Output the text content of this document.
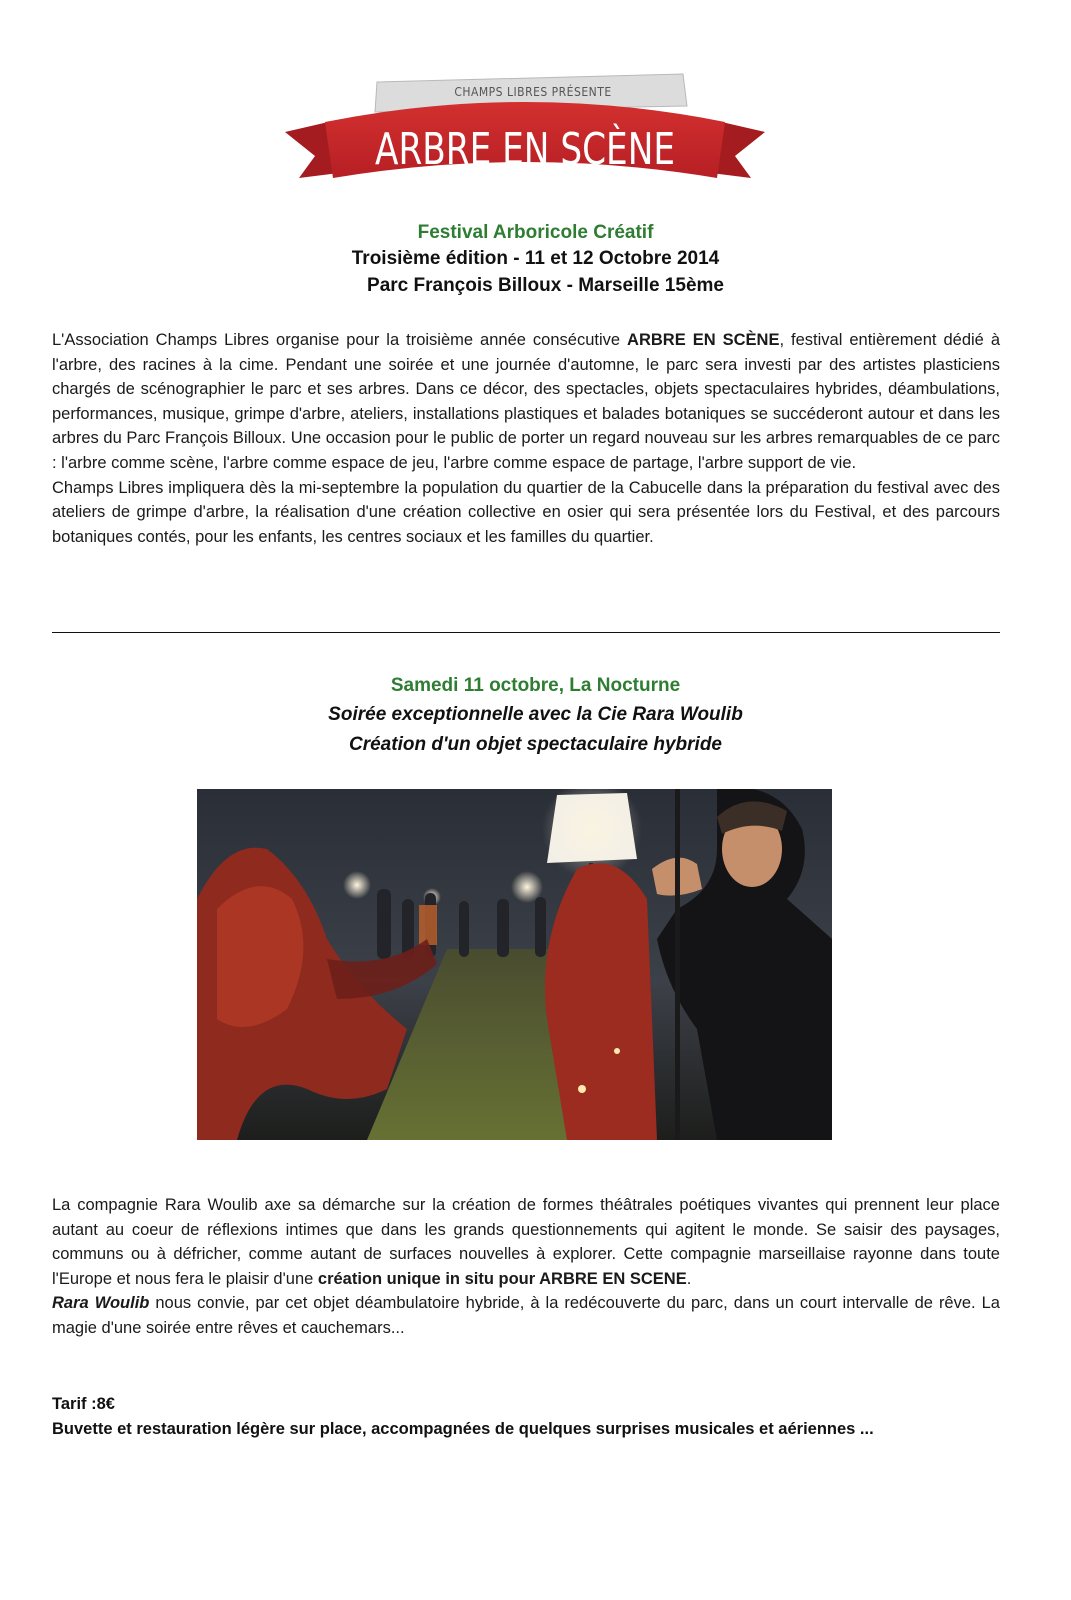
CHAMPS LIBRES PRÉSENTE
ARBRE EN SCÈNE
Festival Arboricole Créatif
Troisième édition - 11 et 12 Octobre 2014
Parc François Billoux - Marseille 15ème

L'Association Champs Libres organise pour la troisième année consécutive ARBRE EN SCÈNE, festival entièrement dédié à l'arbre, des racines à la cime. Pendant une soirée et une journée d'automne, le parc sera investi par des artistes plasticiens chargés de scénographier le parc et ses arbres. Dans ce décor, des spectacles, objets spectaculaires hybrides, déambulations, performances, musique, grimpe d'arbre, ateliers, installations plastiques et balades botaniques se succéderont autour et dans les arbres du Parc François Billoux. Une occasion pour le public de porter un regard nouveau sur les arbres remarquables de ce parc : l'arbre comme scène, l'arbre comme espace de jeu, l'arbre comme espace de partage, l'arbre support de vie.

Champs Libres impliquera dès la mi-septembre la population du quartier de la Cabucelle dans la préparation du festival avec des ateliers de grimpe d'arbre, la réalisation d'une création collective en osier qui sera présentée lors du Festival, et des parcours botaniques contés, pour les enfants, les centres sociaux et les familles du quartier.

Samedi 11 octobre, La Nocturne
Soirée exceptionnelle avec la Cie Rara Woulib
Création d'un objet spectaculaire hybride

La compagnie Rara Woulib axe sa démarche sur la création de formes théâtrales poétiques vivantes qui prennent leur place autant au coeur de réflexions intimes que dans les grands questionnements qui agitent le monde. Se saisir des paysages, communs ou à défricher, comme autant de surfaces nouvelles à explorer. Cette compagnie marseillaise rayonne dans toute l'Europe et nous fera le plaisir d'une création unique in situ pour ARBRE EN SCENE.

Rara Woulib nous convie, par cet objet déambulatoire hybride, à la redécouverte du parc, dans un court intervalle de rêve. La magie d'une soirée entre rêves et cauchemars...

Tarif :8€
Buvette et restauration légère sur place, accompagnées de quelques surprises musicales et aériennes ...
